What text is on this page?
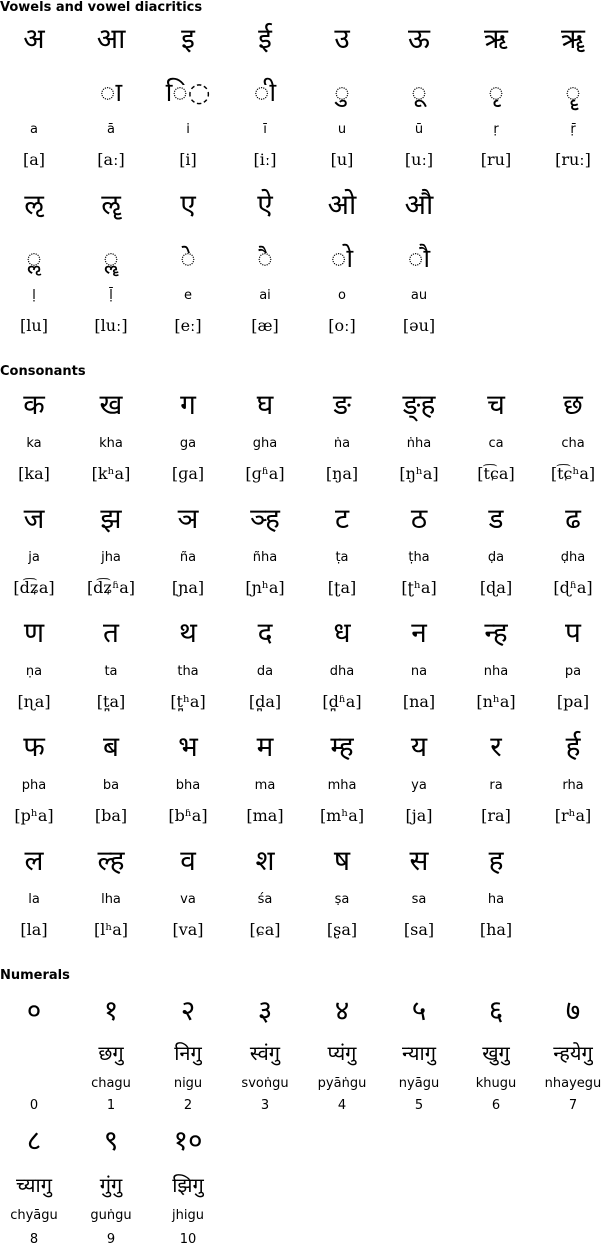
Vowels and vowel diacritics
Consonants
Numerals
अ
a
[a]
आ
◌ा
ā
[aː]
इ
ि◌
i
[i]
ई
◌ी
ī
[iː]
उ
◌ु
u
[u]
ऊ
◌ू
ū
[uː]
ऋ
◌ृ
ṛ
[ru]
ॠ
◌ॄ
ṝ
[ruː]
ऌ
◌ॢ
ḷ
[lu]
ॡ
◌ॣ
ḹ
[luː]
ए
◌े
e
[eː]
ऐ
◌ै
ai
[æ]
ओ
◌ो
o
[oː]
औ
◌ौ
au
[əu]
क
ka
[ka]
ख
kha
[kʰa]
ग
ga
[ɡa]
घ
gha
[ɡʱa]
ङ
ṅa
[ŋa]
ङ्ह
ṅha
[ŋʰa]
च
ca
[t͡ɕa]
छ
cha
[t͡ɕʰa]
ज
ja
[d͡ʑa]
झ
jha
[d͡ʑʱa]
ञ
ña
[ɲa]
ञ्ह
ñha
[ɲʰa]
ट
ṭa
[ʈa]
ठ
ṭha
[ʈʰa]
ड
ḍa
[ɖa]
ढ
ḍha
[ɖʱa]
ण
ṇa
[ɳa]
त
ta
[t̪a]
थ
tha
[t̪ʰa]
द
da
[d̪a]
ध
dha
[d̪ʱa]
न
na
[na]
न्ह
nha
[nʰa]
प
pa
[pa]
फ
pha
[pʰa]
ब
ba
[ba]
भ
bha
[bʱa]
म
ma
[ma]
म्ह
mha
[mʰa]
य
ya
[ja]
र
ra
[ra]
र्ह
rha
[rʰa]
ल
la
[la]
ल्ह
lha
[lʰa]
व
va
[va]
श
śa
[ɕa]
ष
ṣa
[ʂa]
स
sa
[sa]
ह
ha
[ha]
०
0
१
छगु
chagu
1
२
निगु
nigu
2
३
स्वंगु
svoṅgu
3
४
प्यंगु
pyāṅgu
4
५
न्यागु
nyāgu
5
६
खुगु
khugu
6
७
न्हयेगु
nhayegu
7
८
च्यागु
chyāgu
8
९
गुंगु
guṅgu
9
१०
झिगु
jhigu
10
